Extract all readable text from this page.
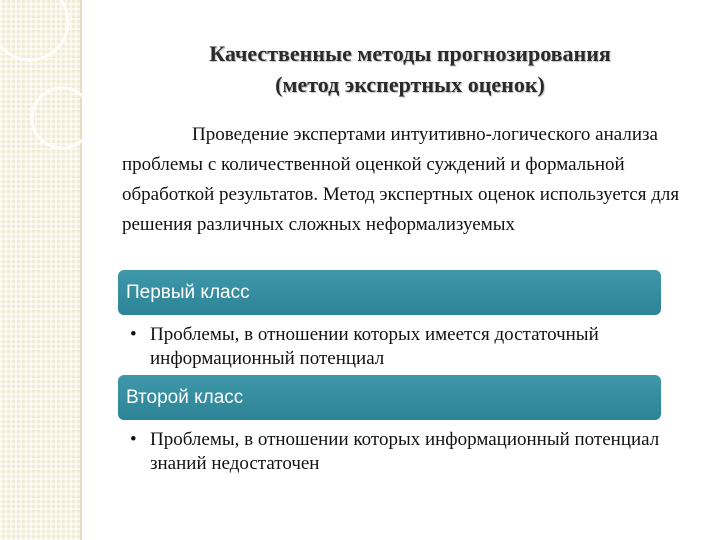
Качественные методы прогнозирования
(метод экспертных оценок)
Проведение экспертами интуитивно-логического анализа проблемы с количественной оценкой суждений и формальной обработкой результатов. Метод экспертных оценок используется для решения различных сложных неформализуемых
Первый класс
• Проблемы, в отношении которых имеется достаточный информационный потенциал
Второй класс
• Проблемы, в отношении которых информационный потенциал знаний недостаточен
